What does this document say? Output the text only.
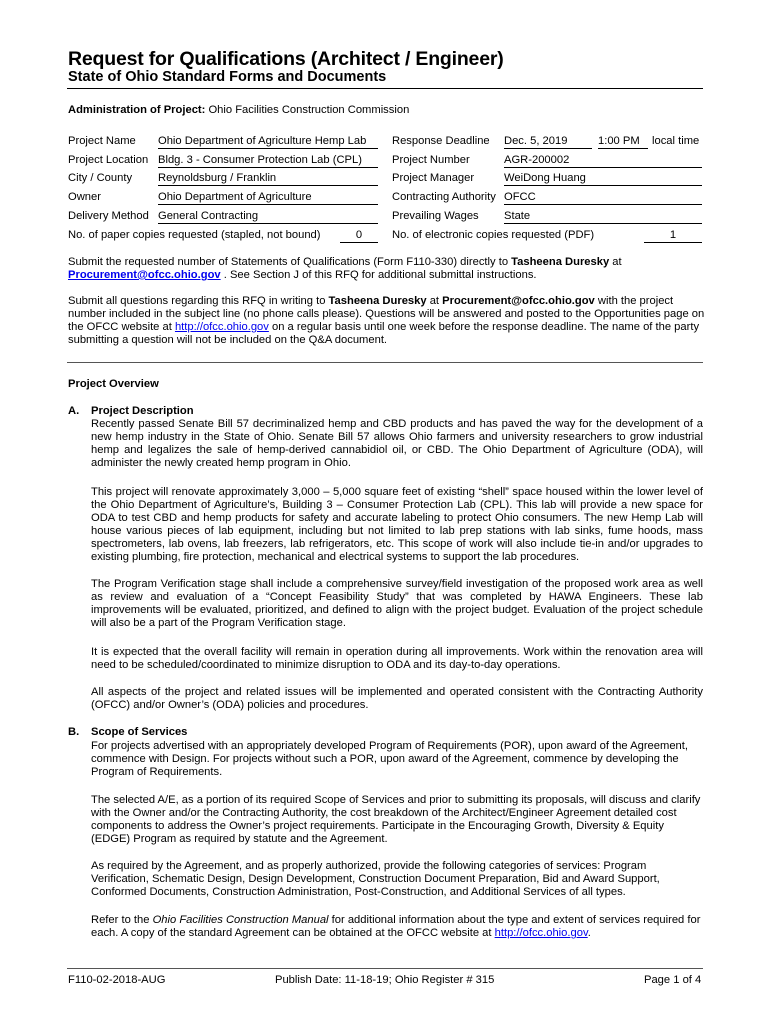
Request for Qualifications (Architect / Engineer)
State of Ohio Standard Forms and Documents
Administration of Project: Ohio Facilities Construction Commission
Project Name Ohio Department of Agriculture Hemp Lab
Project Location Bldg. 3 - Consumer Protection Lab (CPL)
City / County Reynoldsburg / Franklin
Owner	Ohio Department of Agriculture
Delivery Method General Contracting
No. of paper copies requested (stapled, not bound)	0
Response Deadline Dec. 5, 2019	1:00 PM	local time
Project Number	AGR-200002
Project Manager	WeiDong Huang
Contracting Authority OFCC
Prevailing Wages State
No. of electronic copies requested (PDF)	1
Submit the requested number of Statements of Qualifications (Form F110-330) directly to Tasheena Duresky at
Procurement@ofcc.ohio.gov . See Section J of this RFQ for additional submittal instructions.
Submit all questions regarding this RFQ in writing to Tasheena Duresky at Procurement@ofcc.ohio.gov with the project number included in the subject line (no phone calls please). Questions will be answered and posted to the Opportunities page on the OFCC website at http://ofcc.ohio.gov on a regular basis until one week before the response deadline. The name of the party submitting a question will not be included on the Q&A document.
Project Overview
A. Project Description
Recently passed Senate Bill 57 decriminalized hemp and CBD products and has paved the way for the development of a new hemp industry in the State of Ohio. Senate Bill 57 allows Ohio farmers and university researchers to grow industrial hemp and legalizes the sale of hemp-derived cannabidiol oil, or CBD. The Ohio Department of Agriculture (ODA), will administer the newly created hemp program in Ohio.
This project will renovate approximately 3,000 – 5,000 square feet of existing “shell” space housed within the lower level of the Ohio Department of Agriculture’s, Building 3 – Consumer Protection Lab (CPL). This lab will provide a new space for ODA to test CBD and hemp products for safety and accurate labeling to protect Ohio consumers. The new Hemp Lab will house various pieces of lab equipment, including but not limited to lab prep stations with lab sinks, fume hoods, mass spectrometers, lab ovens, lab freezers, lab refrigerators, etc. This scope of work will also include tie-in and/or upgrades to existing plumbing, fire protection, mechanical and electrical systems to support the lab procedures.
The Program Verification stage shall include a comprehensive survey/field investigation of the proposed work area as well as review and evaluation of a “Concept Feasibility Study” that was completed by HAWA Engineers. These lab improvements will be evaluated, prioritized, and defined to align with the project budget. Evaluation of the project schedule will also be a part of the Program Verification stage.
It is expected that the overall facility will remain in operation during all improvements. Work within the renovation area will need to be scheduled/coordinated to minimize disruption to ODA and its day-to-day operations.
All aspects of the project and related issues will be implemented and operated consistent with the Contracting Authority (OFCC) and/or Owner’s (ODA) policies and procedures.
B. Scope of Services
For projects advertised with an appropriately developed Program of Requirements (POR), upon award of the Agreement, commence with Design. For projects without such a POR, upon award of the Agreement, commence by developing the Program of Requirements.
The selected A/E, as a portion of its required Scope of Services and prior to submitting its proposals, will discuss and clarify with the Owner and/or the Contracting Authority, the cost breakdown of the Architect/Engineer Agreement detailed cost components to address the Owner’s project requirements. Participate in the Encouraging Growth, Diversity & Equity (EDGE) Program as required by statute and the Agreement.
As required by the Agreement, and as properly authorized, provide the following categories of services: Program Verification, Schematic Design, Design Development, Construction Document Preparation, Bid and Award Support, Conformed Documents, Construction Administration, Post-Construction, and Additional Services of all types.
Refer to the Ohio Facilities Construction Manual for additional information about the type and extent of services required for each. A copy of the standard Agreement can be obtained at the OFCC website at http://ofcc.ohio.gov.
F110-02-2018-AUG	Publish Date: 11-18-19; Ohio Register # 315	Page 1 of 4
